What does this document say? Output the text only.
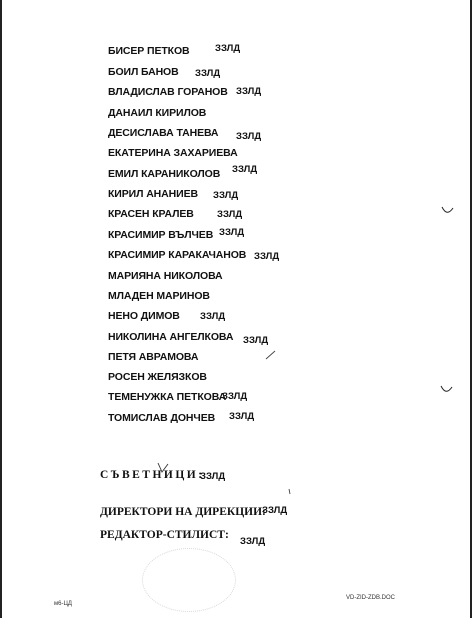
БИСЕР ПЕТКОВ	ЗЗЛД
БОИЛ БАНОВ ЗЗЛД
ВЛАДИСЛАВ ГОРАНОВ ЗЗЛД
ДАНАИЛ КИРИЛОВ
ДЕСИСЛАВА ТАНЕВА ЗЗЛД
ЕКАТЕРИНА ЗАХАРИЕВА
ЕМИЛ КАРАНИКОЛОВ ЗЗЛД
КИРИЛ АНАНИЕВ ЗЗЛД
КРАСЕН КРАЛЕВ ЗЗЛД
КРАСИМИР ВЪЛЧЕВ ЗЗЛД
КРАСИМИР КАРАКАЧАНОВ ЗЗЛД
МАРИЯНА НИКОЛОВА
МЛАДЕН МАРИНОВ
НЕНО ДИМОВ ЗЗЛД
НИКОЛИНА АНГЕЛКОВА ЗЗЛД
ПЕТЯ АВРАМОВА
РОСЕН ЖЕЛЯЗКОВ
ТЕМЕНУЖКА ПЕТКОВА
ЗЗЛД
ТОМИСЛАВ ДОНЧЕВ ЗЗЛД
СЪВЕТНИЦИ:
ЗЗЛД
ДИРЕКТОРИ НА ДИРЕКЦИИ:
ЗЗЛД
РЕДАКТОР-СТИЛИСТ:
ЗЗЛД
м6-ЦД
VD-ZID-ZDB.DOC
